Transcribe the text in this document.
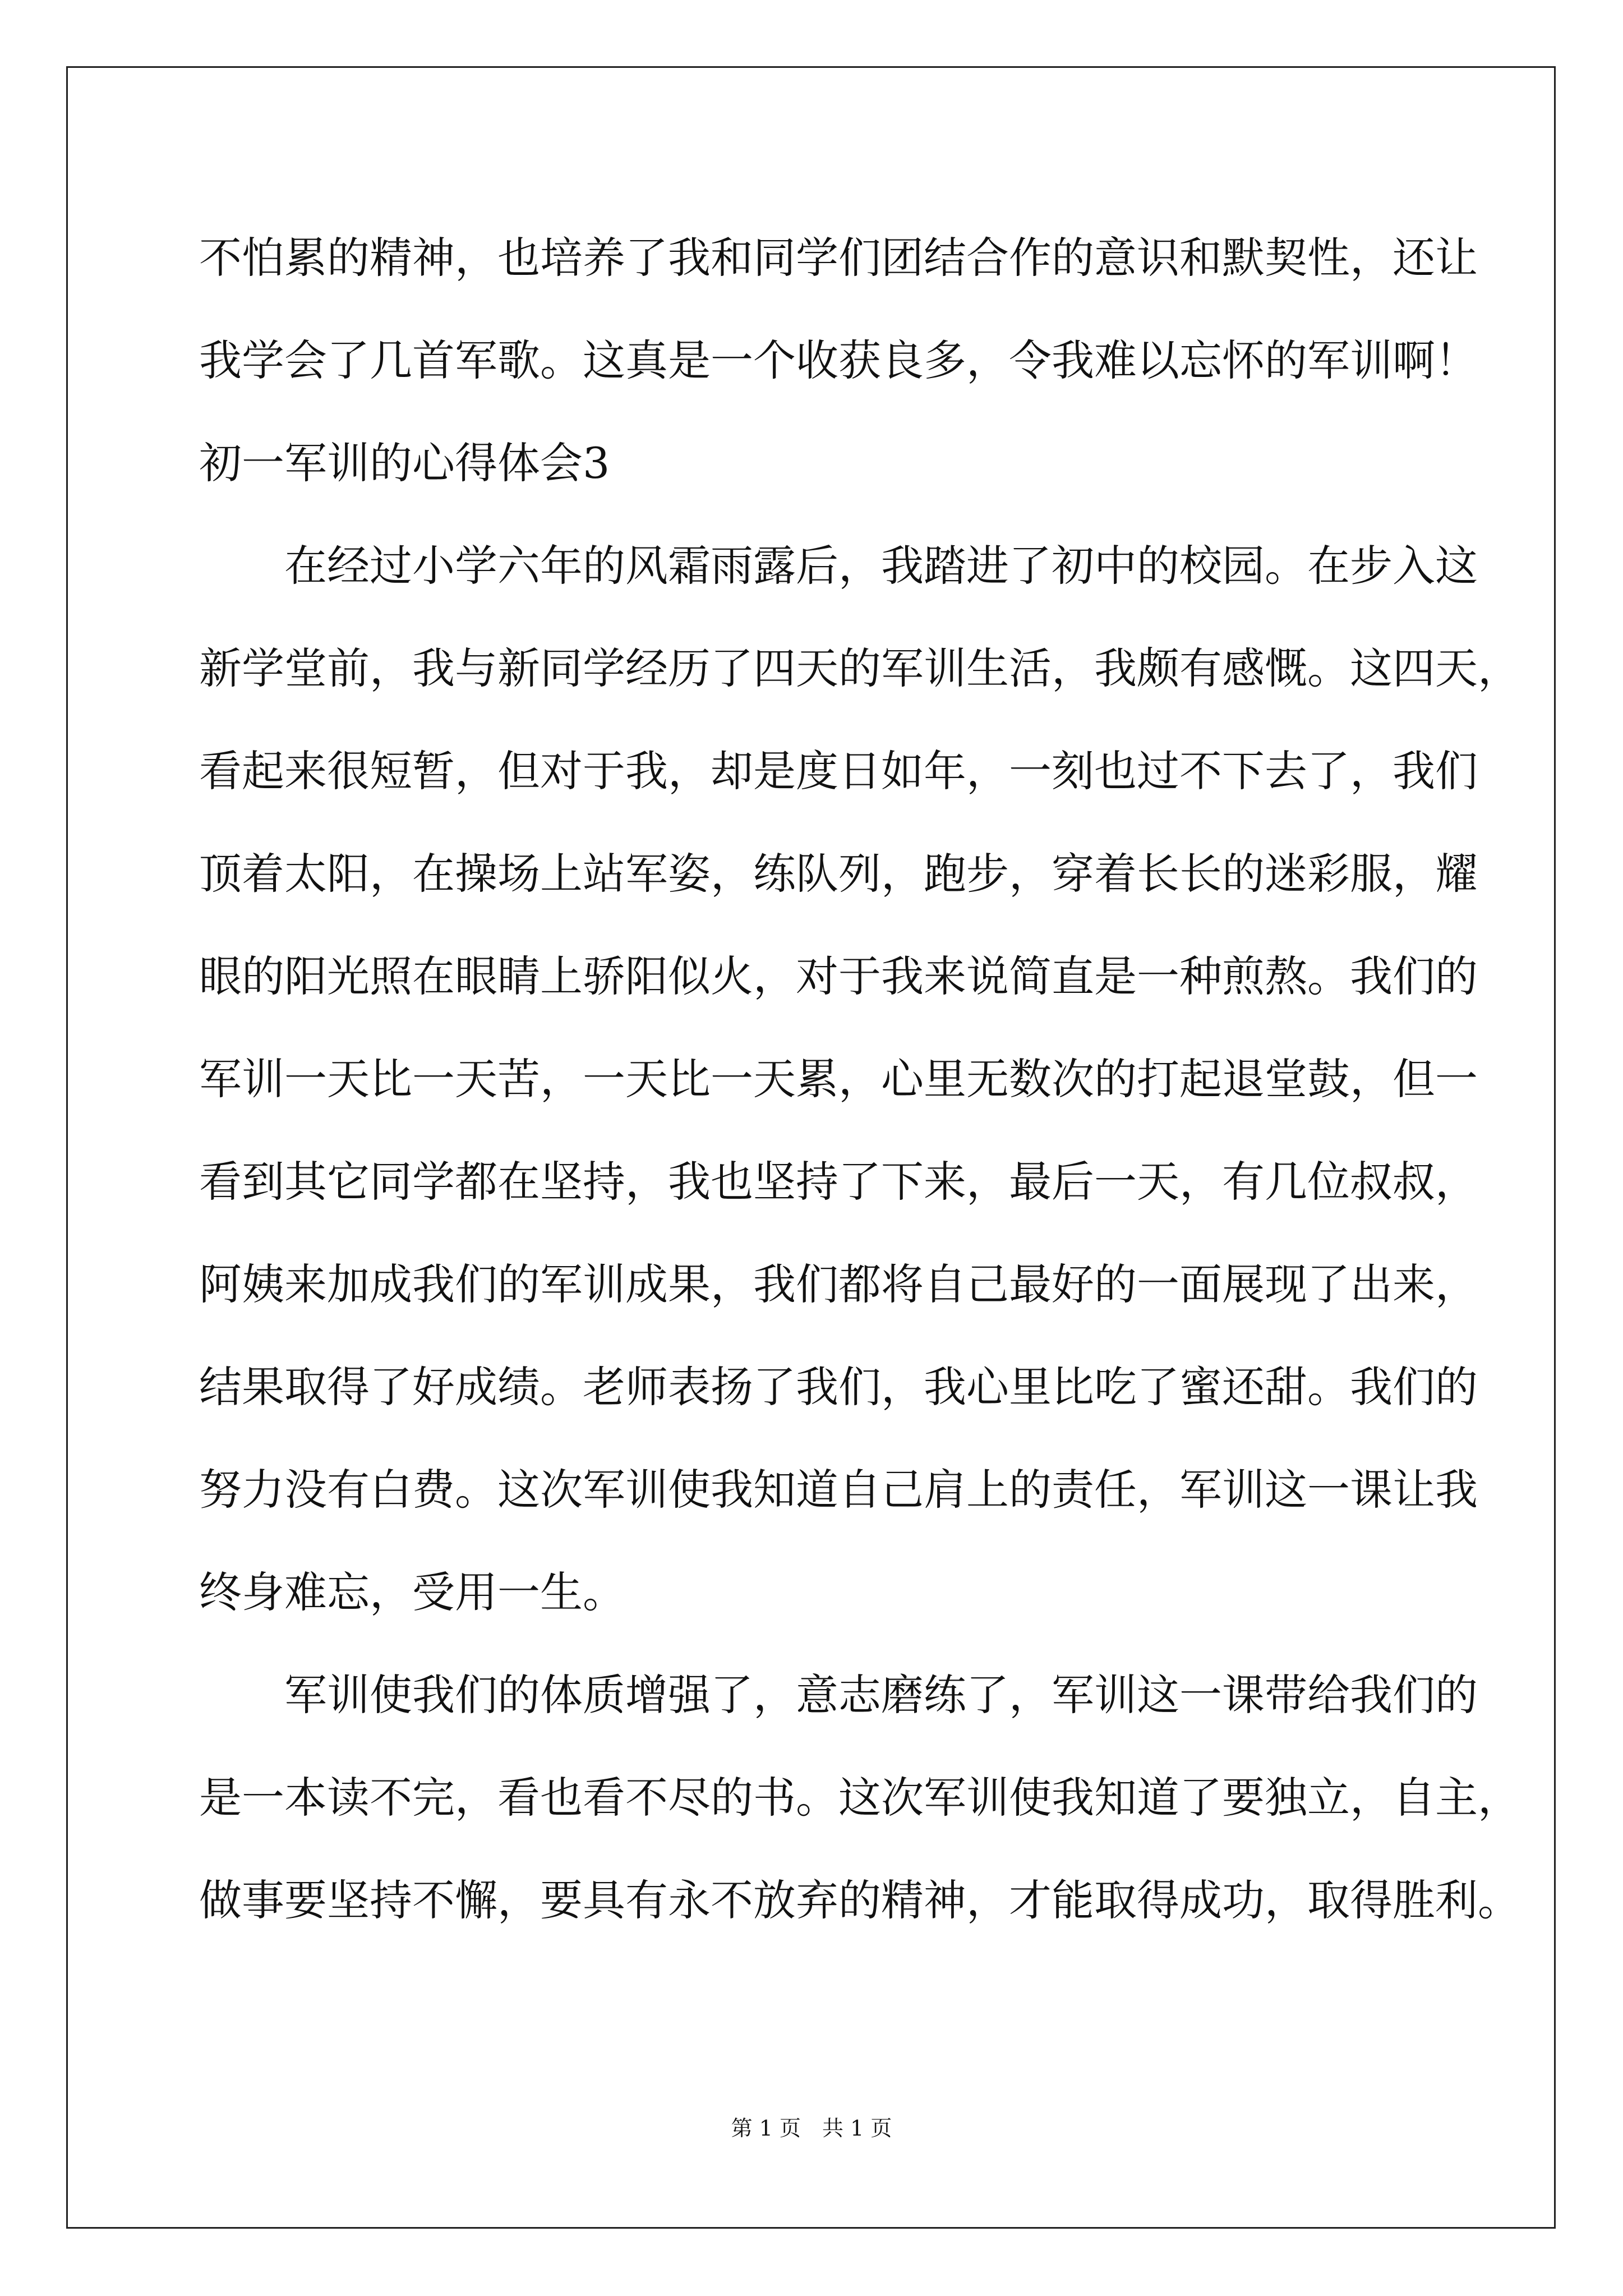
不怕累的精神，也培养了我和同学们团结合作的意识和默契性，还让
我学会了几首军歌。这真是一个收获良多，令我难以忘怀的军训啊！
初一军训的心得体会3
在经过小学六年的风霜雨露后，我踏进了初中的校园。在步入这
新学堂前，我与新同学经历了四天的军训生活，我颇有感慨。这四天，
看起来很短暂，但对于我，却是度日如年，一刻也过不下去了，我们
顶着太阳，在操场上站军姿，练队列，跑步，穿着长长的迷彩服，耀
眼的阳光照在眼睛上骄阳似火，对于我来说简直是一种煎熬。我们的
军训一天比一天苦，一天比一天累，心里无数次的打起退堂鼓，但一
看到其它同学都在坚持，我也坚持了下来，最后一天，有几位叔叔，
阿姨来加成我们的军训成果，我们都将自己最好的一面展现了出来，
结果取得了好成绩。老师表扬了我们，我心里比吃了蜜还甜。我们的
努力没有白费。这次军训使我知道自己肩上的责任，军训这一课让我
终身难忘，受用一生。
军训使我们的体质增强了，意志磨练了，军训这一课带给我们的
是一本读不完，看也看不尽的书。这次军训使我知道了要独立，自主，
做事要坚持不懈，要具有永不放弃的精神，才能取得成功，取得胜利。
第 1 页　共 1 页
